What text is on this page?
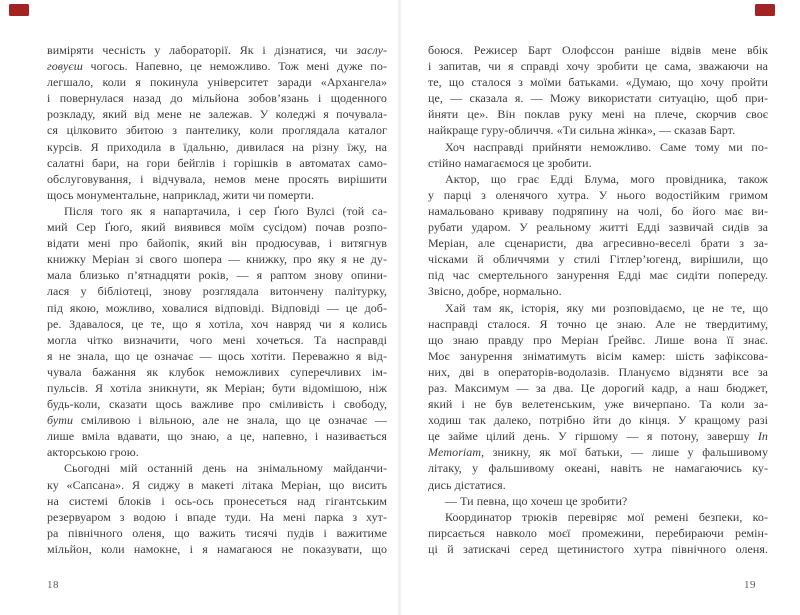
виміряти чесність у лабораторії. Як і дізнатися, чи заслу-
говуєш чогось. Напевно, це неможливо. Тож мені дуже по-
легшало, коли я покинула університет заради «Архангела»
і повернулася назад до мільйона зобов’язань і щоденного
розкладу, який від мене не залежав. У коледжі я почувала-
ся цілковито збитою з пантелику, коли проглядала каталог
курсів. Я приходила в їдальню, дивилася на різну їжу, на
салатні бари, на гори бейглів і горішків в автоматах само-
обслуговування, і відчувала, немов мене просять вирішити
щось монументальне, наприклад, жити чи померти.
Після того як я напартачила, і сер Ґюґо Вулсі (той са-
мий Сер Ґюґо, який виявився моїм сусідом) почав розпо-
відати мені про байопік, який він продюсував, і витягнув
книжку Меріан зі свого шопера — книжку, про яку я не ду-
мала близько п’ятнадцяти років, — я раптом знову опини-
лася у бібліотеці, знову розглядала витончену палітурку,
під якою, можливо, ховалися відповіді. Відповіді — це доб-
ре. Здавалося, це те, що я хотіла, хоч навряд чи я колись
могла чітко визначити, чого мені хочеться. Та насправді
я не знала, що це означає — щось хотіти. Переважно я від-
чувала бажання як клубок неможливих суперечливих ім-
пульсів. Я хотіла зникнути, як Меріан; бути відомішою, ніж
будь-коли, сказати щось важливе про сміливість і свободу,
бути сміливою і вільною, але не знала, що це означає —
лише вміла вдавати, що знаю, а це, напевно, і називається
акторською грою.
Сьогодні мій останній день на знімальному майданчи-
ку «Сапсана». Я сиджу в макеті літака Меріан, що висить
на системі блоків і ось-ось пронесеться над гігантським
резервуаром з водою і впаде туди. На мені парка з хут-
ра північного оленя, що важить тисячі пудів і важитиме
мільйон, коли намокне, і я намагаюся не показувати, що
18
боюся. Режисер Барт Олофссон раніше відвів мене вбік
і запитав, чи я справді хочу зробити це сама, зважаючи на
те, що сталося з моїми батьками. «Думаю, що хочу пройти
це, — сказала я. — Можу використати ситуацію, щоб при-
йняти це». Він поклав руку мені на плече, скорчив своє
найкраще гуру-обличчя. «Ти сильна жінка», — сказав Барт.
Хоч насправді прийняти неможливо. Саме тому ми по-
стійно намагаємося це зробити.
Актор, що грає Едді Блума, мого провідника, також
у парці з оленячого хутра. У нього водостійким гримом
намальовано криваву подряпину на чолі, бо його має ви-
рубати ударом. У реальному житті Едді зазвичай сидів за
Меріан, але сценаристи, два агресивно-веселі брати з за-
чісками й обличчями у стилі Гітлер’югенд, вирішили, що
під час смертельного занурення Едді має сидіти попереду.
Звісно, добре, нормально.
Хай там як, історія, яку ми розповідаємо, це не те, що
насправді сталося. Я точно це знаю. Але не твердитиму,
що знаю правду про Меріан Ґрейвс. Лише вона її знає.
Моє занурення зніматимуть вісім камер: шість зафіксова-
них, дві в операторів-водолазів. Плануємо відзняти все за
раз. Максимум — за два. Це дорогий кадр, а наш бюджет,
який і не був велетенським, уже вичерпано. Та коли за-
ходиш так далеко, потрібно йти до кінця. У кращому разі
це займе цілий день. У гіршому — я потону, завершу In
Memoriam, зникну, як мої батьки, — лише у фальшивому
літаку, у фальшивому океані, навіть не намагаючись ку-
дись дістатися.
— Ти певна, що хочеш це зробити?
Координатор трюків перевіряє мої ремені безпеки, ко-
пирсається навколо моєї промежини, перебираючи ремін-
ці й затискачі серед щетинистого хутра північного оленя.
19
